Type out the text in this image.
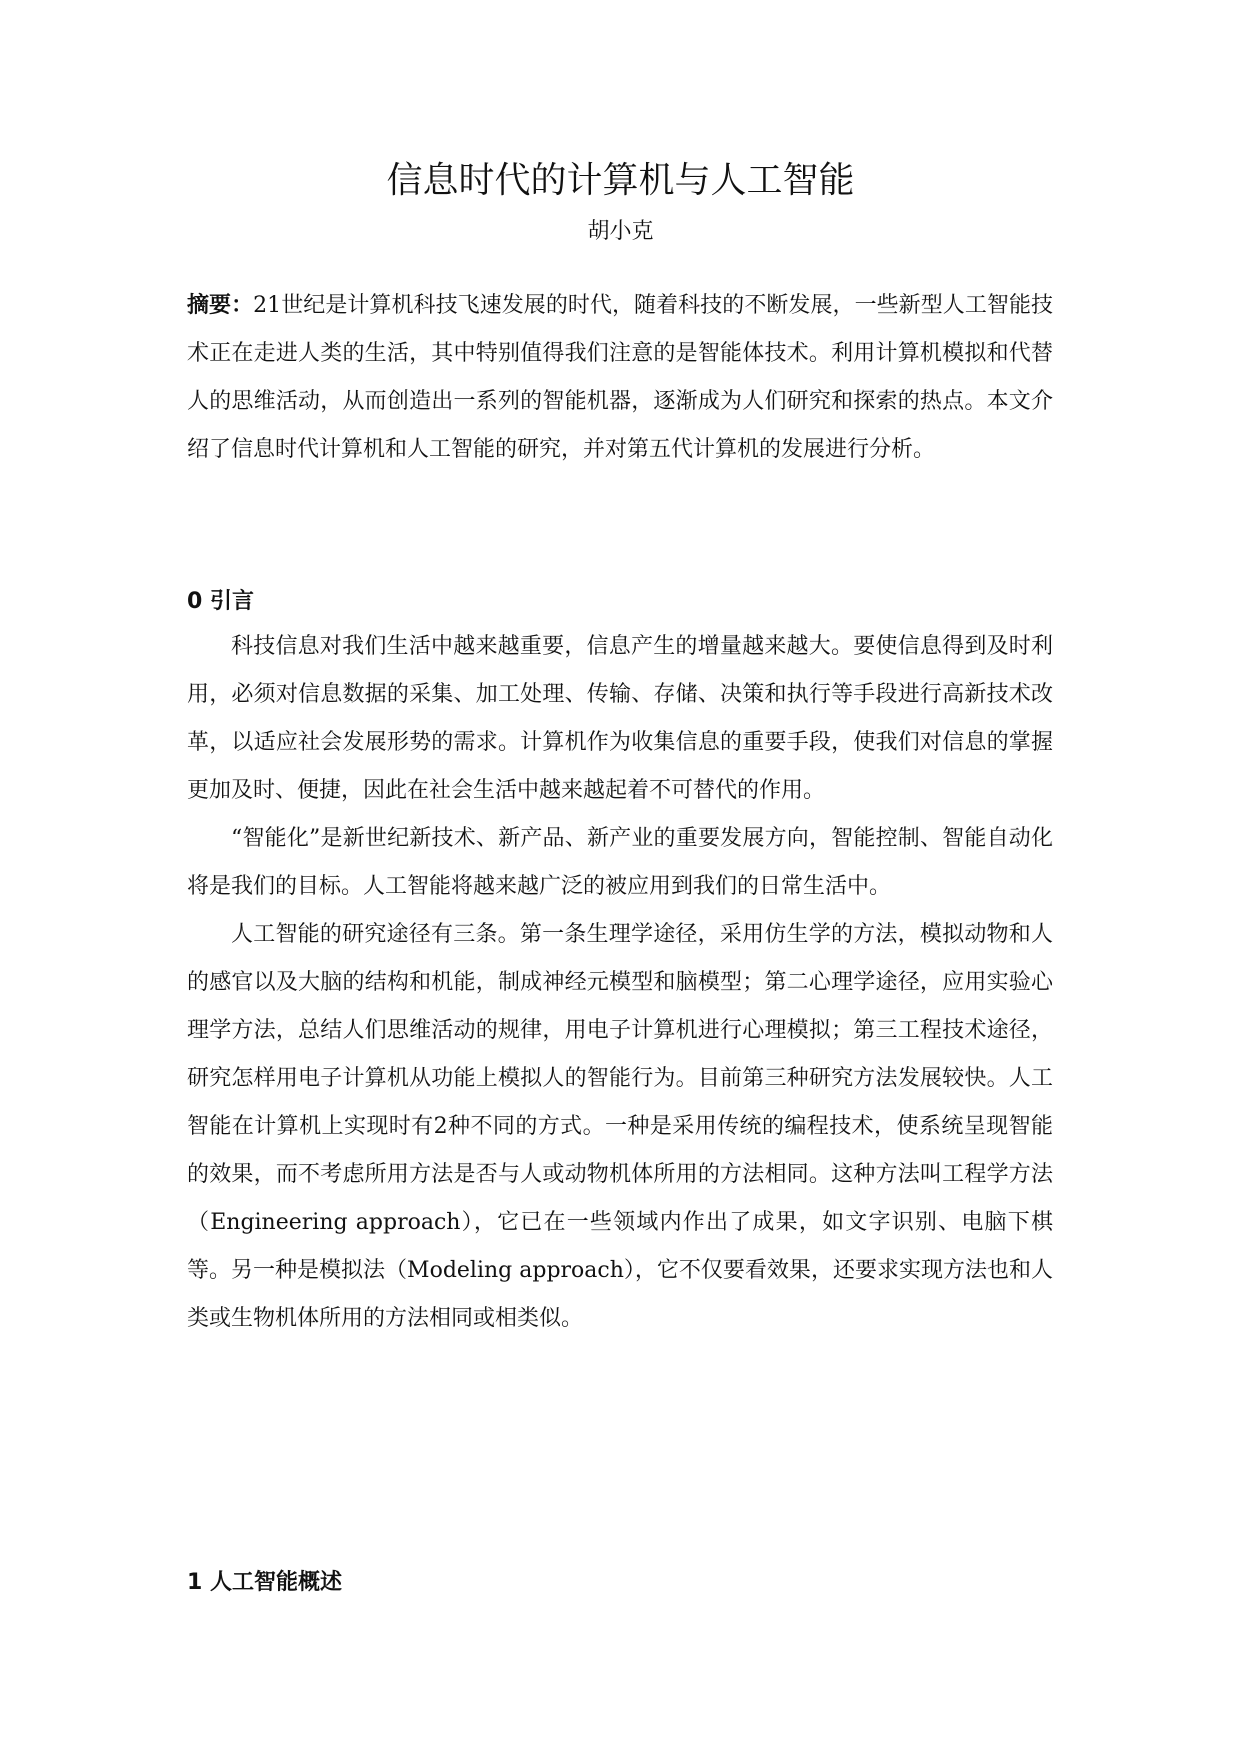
信息时代的计算机与人工智能
胡小克
摘要：21世纪是计算机科技飞速发展的时代，随着科技的不断发展，一些新型人工智能技术正在走进人类的生活，其中特别值得我们注意的是智能体技术。利用计算机模拟和代替人的思维活动，从而创造出一系列的智能机器，逐渐成为人们研究和探索的热点。本文介绍了信息时代计算机和人工智能的研究，并对第五代计算机的发展进行分析。
0 引言

科技信息对我们生活中越来越重要，信息产生的增量越来越大。要使信息得到及时利用，必须对信息数据的采集、加工处理、传输、存储、决策和执行等手段进行高新技术改革，以适应社会发展形势的需求。计算机作为收集信息的重要手段，使我们对信息的掌握更加及时、便捷，因此在社会生活中越来越起着不可替代的作用。

“智能化”是新世纪新技术、新产品、新产业的重要发展方向，智能控制、智能自动化将是我们的目标。人工智能将越来越广泛的被应用到我们的日常生活中。

人工智能的研究途径有三条。第一条生理学途径，采用仿生学的方法，模拟动物和人的感官以及大脑的结构和机能，制成神经元模型和脑模型；第二心理学途径，应用实验心理学方法，总结人们思维活动的规律，用电子计算机进行心理模拟；第三工程技术途径，研究怎样用电子计算机从功能上模拟人的智能行为。目前第三种研究方法发展较快。人工智能在计算机上实现时有2种不同的方式。一种是采用传统的编程技术，使系统呈现智能的效果，而不考虑所用方法是否与人或动物机体所用的方法相同。这种方法叫工程学方法（Engineering approach），它已在一些领域内作出了成果，如文字识别、电脑下棋等。另一种是模拟法（Modeling approach），它不仅要看效果，还要求实现方法也和人类或生物机体所用的方法相同或相类似。

1 人工智能概述
